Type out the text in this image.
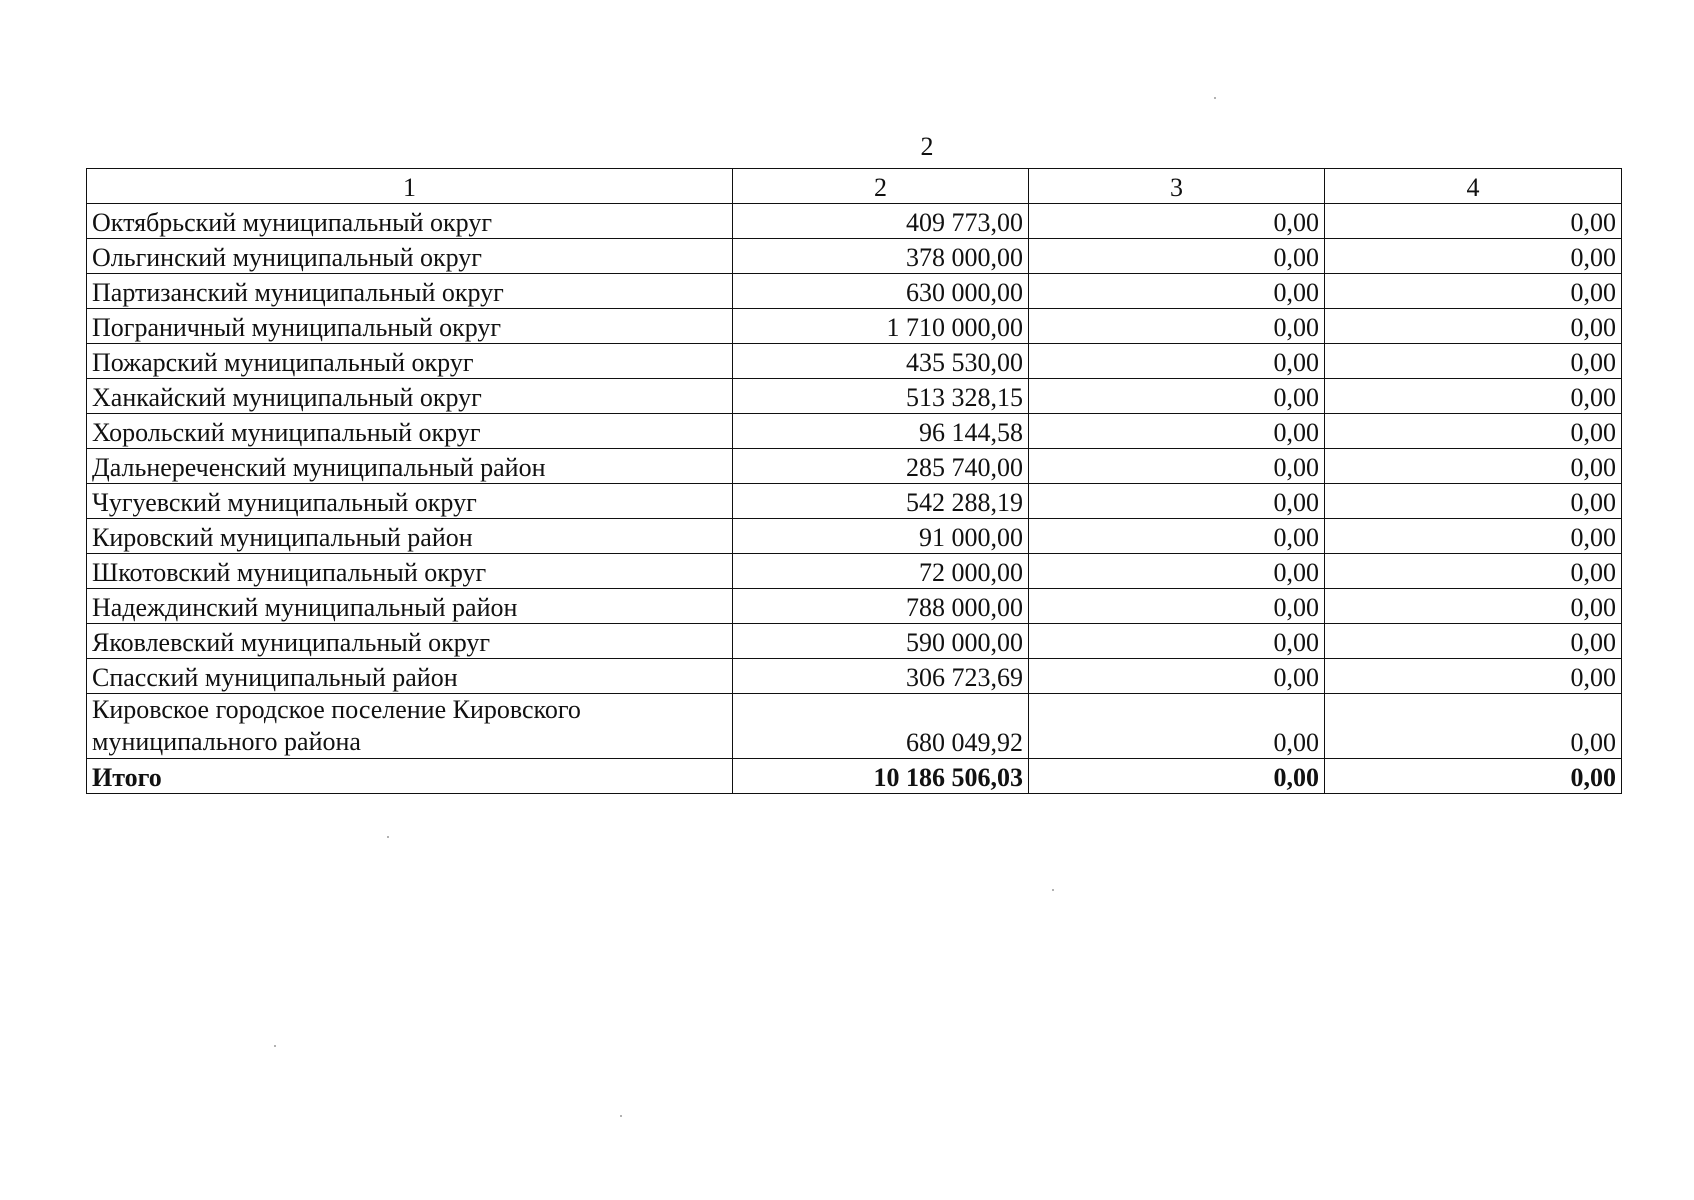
2
1	2	3	4
Октябрьский муниципальный округ	409 773,00	0,00	0,00
Ольгинский муниципальный округ	378 000,00	0,00	0,00
Партизанский муниципальный округ	630 000,00	0,00	0,00
Пограничный муниципальный округ	1 710 000,00	0,00	0,00
Пожарский муниципальный округ	435 530,00	0,00	0,00
Ханкайский муниципальный округ	513 328,15	0,00	0,00
Хорольский муниципальный округ	96 144,58	0,00	0,00
Дальнереченский муниципальный район	285 740,00	0,00	0,00
Чугуевский муниципальный округ	542 288,19	0,00	0,00
Кировский муниципальный район	91 000,00	0,00	0,00
Шкотовский муниципальный округ	72 000,00	0,00	0,00
Надеждинский муниципальный район	788 000,00	0,00	0,00
Яковлевский муниципальный округ	590 000,00	0,00	0,00
Спасский муниципальный район	306 723,69	0,00	0,00
Кировское городское поселение Кировского муниципального района	680 049,92	0,00	0,00
Итого	10 186 506,03	0,00	0,00
